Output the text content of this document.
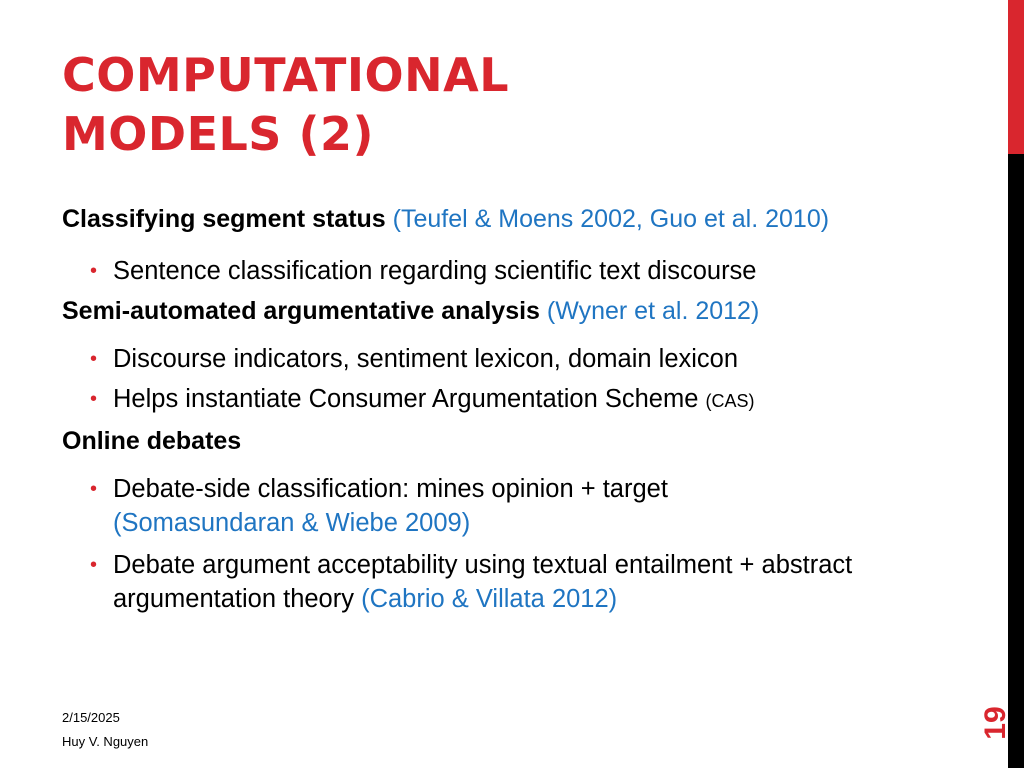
COMPUTATIONAL
MODELS (2)
Classifying segment status (Teufel & Moens 2002, Guo et al. 2010)
• Sentence classification regarding scientific text discourse
Semi-automated argumentative analysis (Wyner et al. 2012)
• Discourse indicators, sentiment lexicon, domain lexicon
• Helps instantiate Consumer Argumentation Scheme (CAS)
Online debates
• Debate-side classification: mines opinion + target
(Somasundaran & Wiebe 2009)
• Debate argument acceptability using textual entailment + abstract argumentation theory (Cabrio & Villata 2012)
2/15/2025
Huy V. Nguyen
19
